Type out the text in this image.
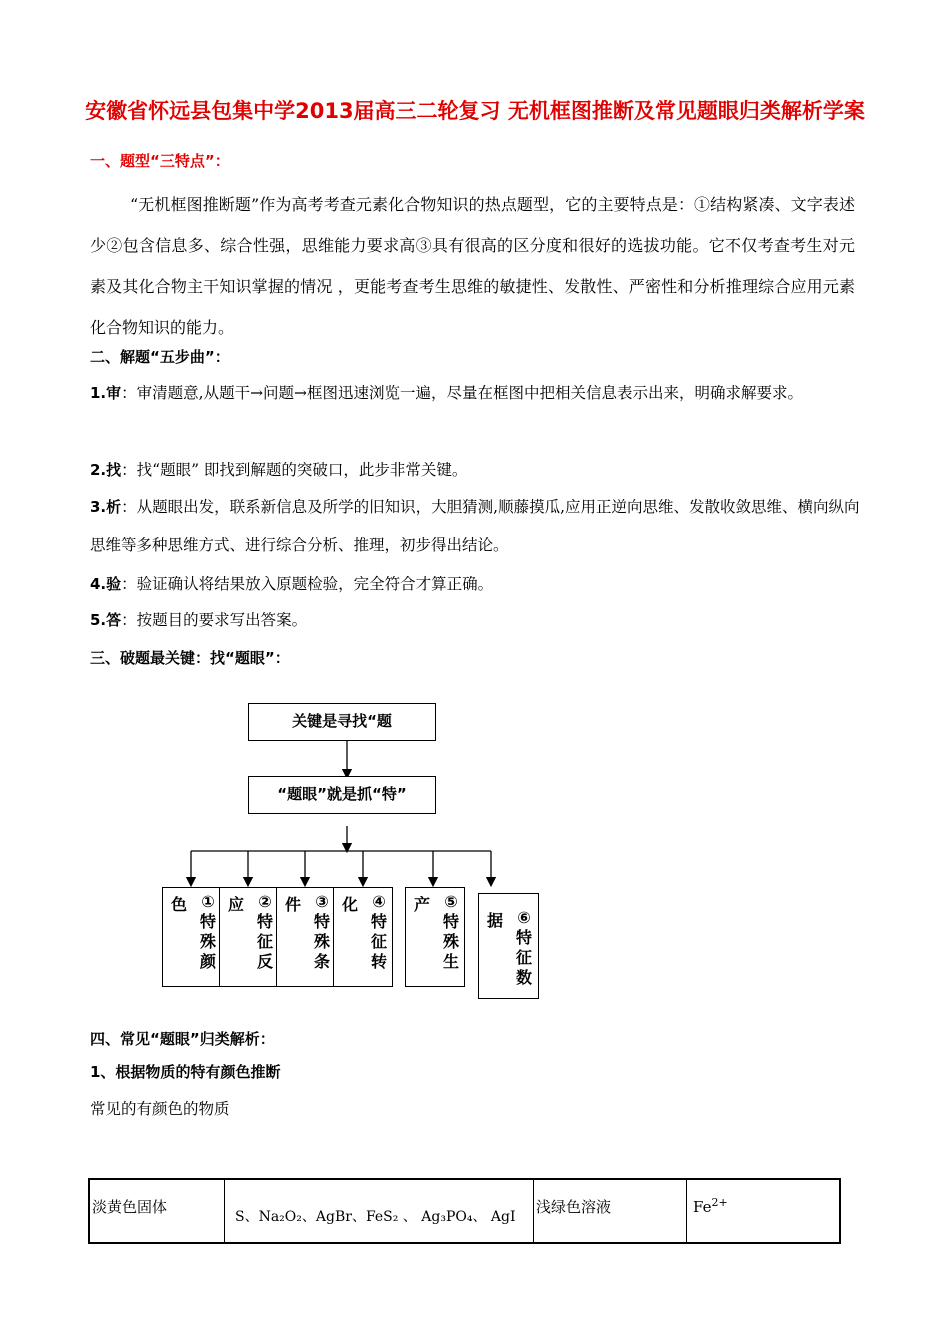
安徽省怀远县包集中学2013届高三二轮复习 无机框图推断及常见题眼归类解析学案
一、题型“三特点”：
“无机框图推断题”作为高考考查元素化合物知识的热点题型，它的主要特点是：①结构紧凑、文字表述少②包含信息多、综合性强，思维能力要求高③具有很高的区分度和很好的选拔功能。它不仅考查考生对元素及其化合物主干知识掌握的情况 ，更能考查考生思维的敏捷性、发散性、严密性和分析推理综合应用元素化合物知识的能力。
二、解题“五步曲”：
1.审：审清题意,从题干→问题→框图迅速浏览一遍，尽量在框图中把相关信息表示出来，明确求解要求。
2.找：找“题眼” 即找到解题的突破口，此步非常关键。
3.析：从题眼出发，联系新信息及所学的旧知识，大胆猜测,顺藤摸瓜,应用正逆向思维、发散收敛思维、横向纵向思维等多种思维方式、进行综合分析、推理，初步得出结论。
4.验：验证确认将结果放入原题检验，完全符合才算正确。
5.答：按题目的要求写出答案。
三、破题最关键：找“题眼”：
关键是寻找“题
“题眼”就是抓“特”
色 ①特殊颜
应 ②特征反
件 ③特殊条
化 ④特征转
产 ⑤特殊生
据 ⑥特征数
四、常见“题眼”归类解析：
1、根据物质的特有颜色推断
常见的有颜色的物质
淡黄色固体	S、Na₂O₂、AgBr、FeS₂ 、 Ag₃PO₄、 AgI	浅绿色溶液	$Fe^{2+}$
